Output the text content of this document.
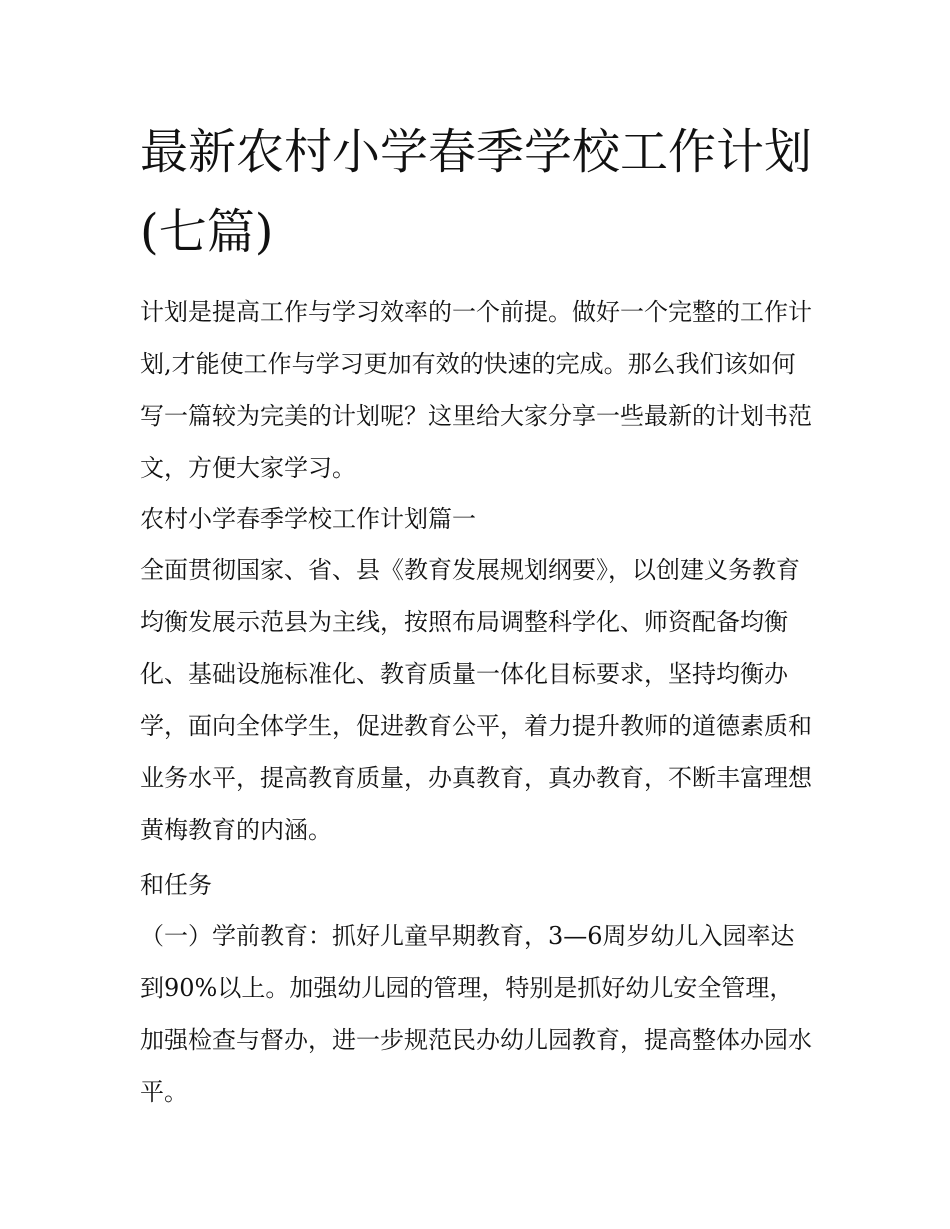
最新农村小学春季学校工作计划(七篇)

计划是提高工作与学习效率的一个前提。做好一个完整的工作计划,才能使工作与学习更加有效的快速的完成。那么我们该如何写一篇较为完美的计划呢？这里给大家分享一些最新的计划书范文，方便大家学习。

农村小学春季学校工作计划篇一

全面贯彻国家、省、县《教育发展规划纲要》，以创建义务教育均衡发展示范县为主线，按照布局调整科学化、师资配备均衡化、基础设施标准化、教育质量一体化目标要求，坚持均衡办学，面向全体学生，促进教育公平，着力提升教师的道德素质和业务水平，提高教育质量，办真教育，真办教育，不断丰富理想黄梅教育的内涵。

和任务

（一）学前教育：抓好儿童早期教育，3—6周岁幼儿入园率达到90%以上。加强幼儿园的管理，特别是抓好幼儿安全管理，加强检查与督办，进一步规范民办幼儿园教育，提高整体办园水平。
